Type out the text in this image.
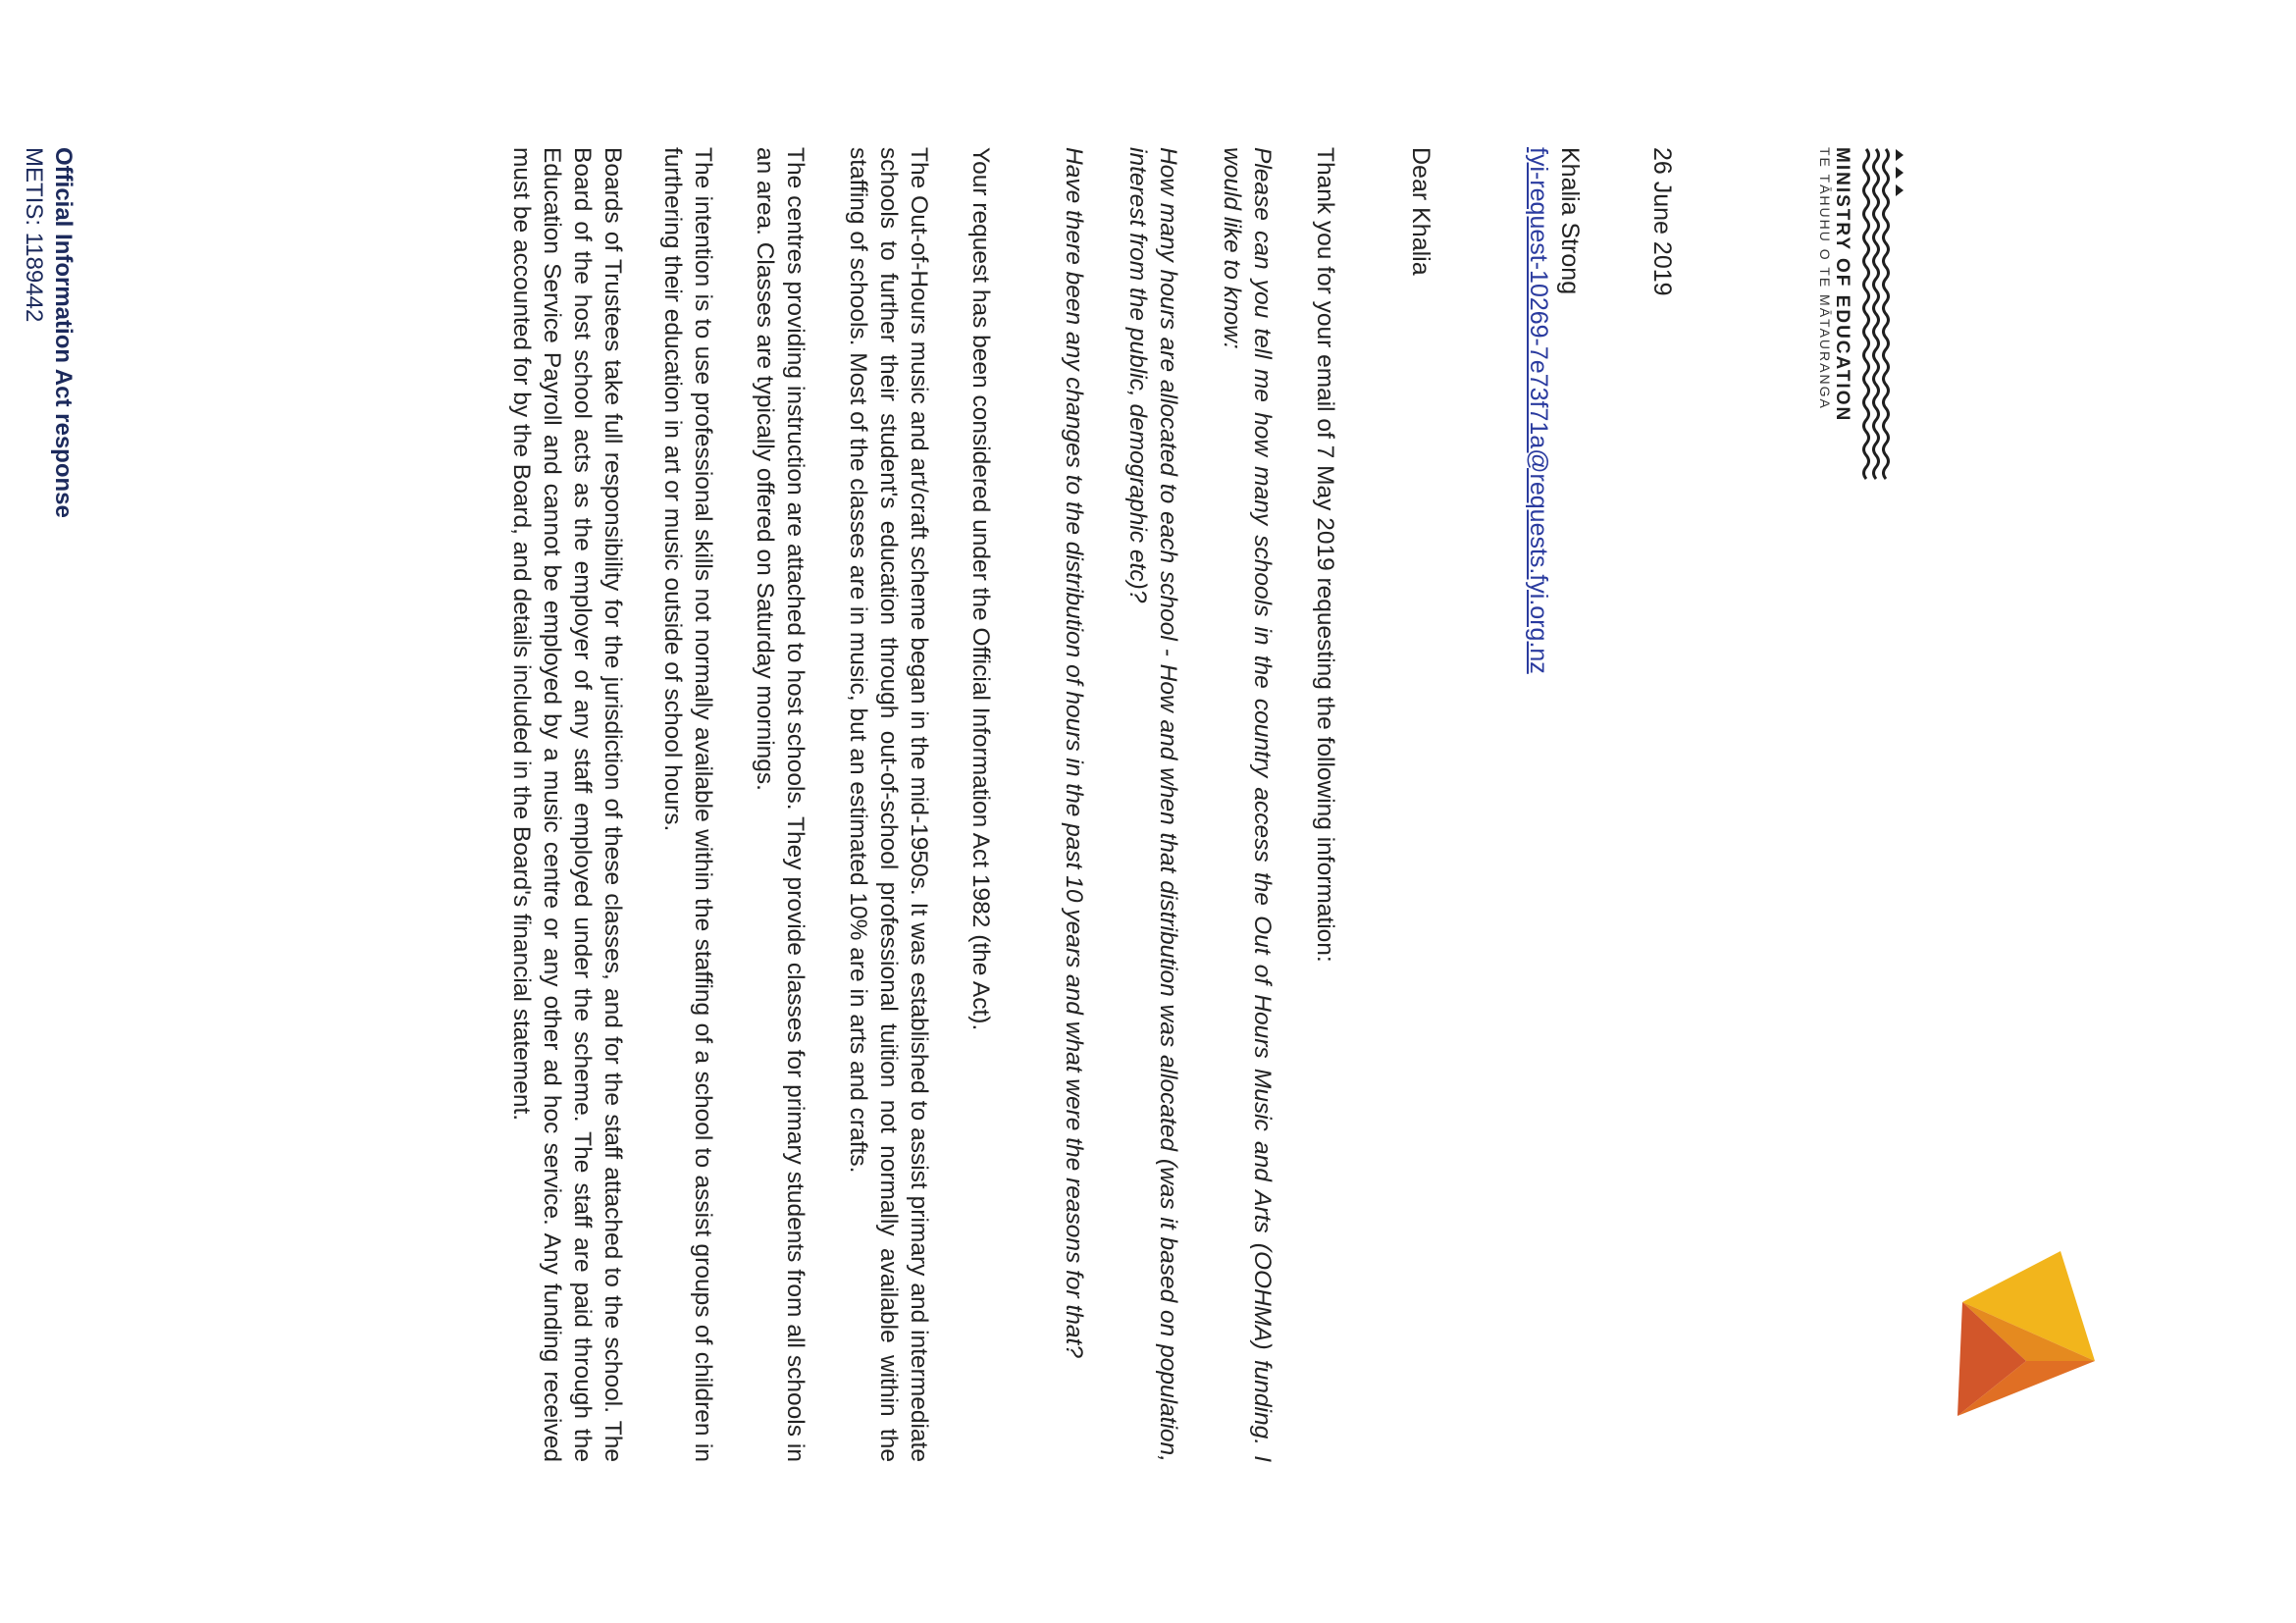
MINISTRY OF EDUCATION
TE TĀHUHU O TE MĀTAURANGA
26 June 2019
Khalia Strong
fyi-request-10269-7e73f71a@requests.fyi.org.nz
Dear Khalia
Thank you for your email of 7 May 2019 requesting the following information:
Please can you tell me how many schools in the country access the Out of Hours Music and Arts (OOHMA) funding. I would like to know:
How many hours are allocated to each school - How and when that distribution was allocated (was it based on population, interest from the public, demographic etc)?
Have there been any changes to the distribution of hours in the past 10 years and what were the reasons for that?
Your request has been considered under the Official Information Act 1982 (the Act).
The Out-of-Hours music and art/craft scheme began in the mid-1950s. It was established to assist primary and intermediate schools to further their student's education through out-of-school professional tuition not normally available within the staffing of schools. Most of the classes are in music, but an estimated 10% are in arts and crafts.
The centres providing instruction are attached to host schools. They provide classes for primary students from all schools in an area. Classes are typically offered on Saturday mornings.
The intention is to use professional skills not normally available within the staffing of a school to assist groups of children in furthering their education in art or music outside of school hours.
Boards of Trustees take full responsibility for the jurisdiction of these classes, and for the staff attached to the school. The Board of the host school acts as the employer of any staff employed under the scheme. The staff are paid through the Education Service Payroll and cannot be employed by a music centre or any other ad hoc service. Any funding received must be accounted for by the Board, and details included in the Board's financial statement.
Official Information Act response
METIS: 1189442
